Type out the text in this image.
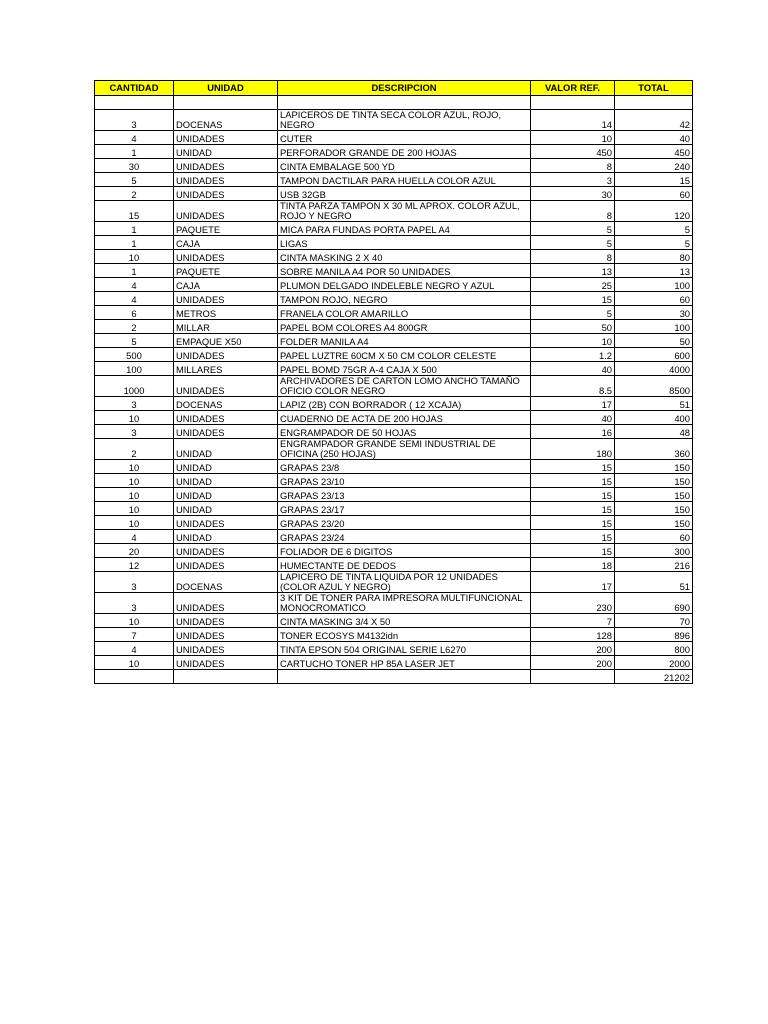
CANTIDAD	UNIDAD	DESCRIPCION	VALOR REF.	TOTAL

3	DOCENAS	LAPICEROS DE TINTA SECA COLOR AZUL, ROJO, NEGRO	14	42
4	UNIDADES	CUTER	10	40
1	UNIDAD	PERFORADOR GRANDE DE 200 HOJAS	450	450
30	UNIDADES	CINTA EMBALAGE 500 YD	8	240
5	UNIDADES	TAMPON DACTILAR PARA HUELLA COLOR AZUL	3	15
2	UNIDADES	USB 32GB	30	60
15	UNIDADES	TINTA PARZA TAMPON X 30 ML APROX. COLOR AZUL, ROJO Y NEGRO	8	120
1	PAQUETE	MICA PARA FUNDAS PORTA PAPEL A4	5	5
1	CAJA	LIGAS	5	5
10	UNIDADES	CINTA MASKING 2 X 40	8	80
1	PAQUETE	SOBRE MANILA A4 POR 50 UNIDADES	13	13
4	CAJA	PLUMON DELGADO INDELEBLE NEGRO Y AZUL	25	100
4	UNIDADES	TAMPON ROJO, NEGRO	15	60
6	METROS	FRANELA COLOR AMARILLO	5	30
2	MILLAR	PAPEL BOM COLORES A4 800GR	50	100
5	EMPAQUE X50	FOLDER MANILA A4	10	50
500	UNIDADES	PAPEL LUZTRE 60CM X 50 CM COLOR CELESTE	1.2	600
100	MILLARES	PAPEL BOMD 75GR A-4 CAJA X 500	40	4000
1000	UNIDADES	ARCHIVADORES DE CARTON LOMO ANCHO TAMAÑO OFICIO COLOR NEGRO	8.5	8500
3	DOCENAS	LAPIZ (2B) CON BORRADOR ( 12 XCAJA)	17	51
10	UNIDADES	CUADERNO DE ACTA DE 200 HOJAS	40	400
3	UNIDADES	ENGRAMPADOR DE 50 HOJAS	16	48
2	UNIDAD	ENGRAMPADOR GRANDE SEMI INDUSTRIAL DE OFICINA (250 HOJAS)	180	360
10	UNIDAD	GRAPAS 23/8	15	150
10	UNIDAD	GRAPAS 23/10	15	150
10	UNIDAD	GRAPAS 23/13	15	150
10	UNIDAD	GRAPAS 23/17	15	150
10	UNIDADES	GRAPAS 23/20	15	150
4	UNIDAD	GRAPAS 23/24	15	60
20	UNIDADES	FOLIADOR DE 6 DIGITOS	15	300
12	UNIDADES	HUMECTANTE DE DEDOS	18	216
3	DOCENAS	LAPICERO DE TINTA LIQUIDA POR 12 UNIDADES (COLOR AZUL Y NEGRO)	17	51
3	UNIDADES	3 KIT DE TONER PARA IMPRESORA MULTIFUNCIONAL MONOCROMATICO	230	690
10	UNIDADES	CINTA MASKING 3/4 X 50	7	70
7	UNIDADES	TONER ECOSYS M4132idn	128	896
4	UNIDADES	TINTA EPSON 504 ORIGINAL SERIE L6270	200	800
10	UNIDADES	CARTUCHO TONER HP 85A LASER JET	200	2000
				21202
